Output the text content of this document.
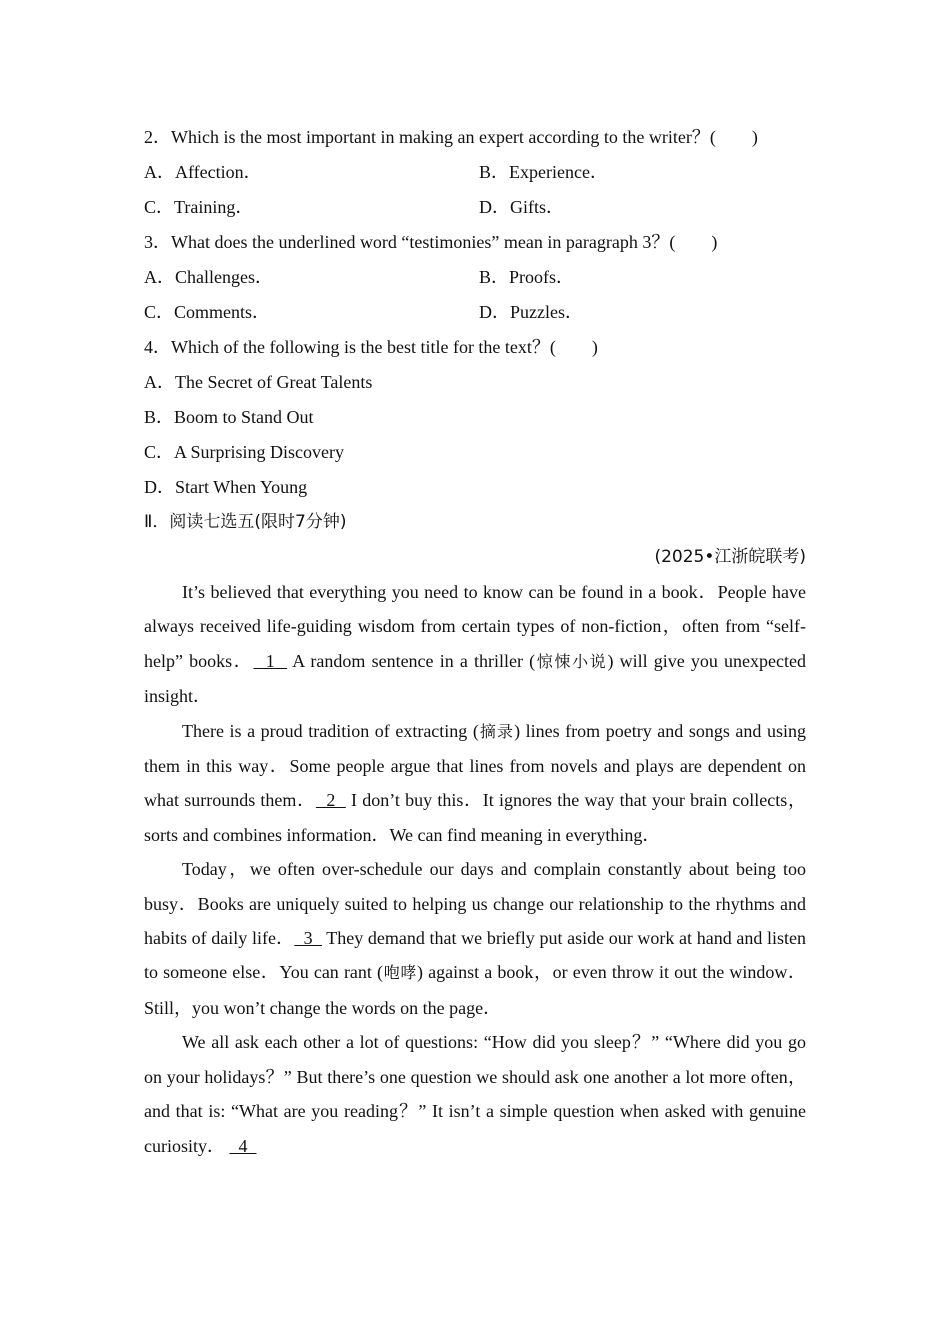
2．Which is the most important in making an expert according to the writer？( )
A．Affection．	B．Experience．
C．Training．	D．Gifts．
3．What does the underlined word “testimonies” mean in paragraph 3？( )
A．Challenges．	B．Proofs．
C．Comments．	D．Puzzles．
4．Which of the following is the best title for the text？( )
A．The Secret of Great Talents
B．Boom to Stand Out
C．A Surprising Discovery
D．Start When Young
Ⅱ．阅读七选五(限时7分钟)
(2025•江浙皖联考)

It’s believed that everything you need to know can be found in a book．People have always received life-guiding wisdom from certain types of non-fiction，often from “self-help” books．  1   A random sentence in a thriller (惊悚小说) will give you unexpected insight．

There is a proud tradition of extracting (摘录) lines from poetry and songs and using them in this way．Some people argue that lines from novels and plays are dependent on what surrounds them．  2   I don’t buy this．It ignores the way that your brain collects，sorts and combines information．We can find meaning in everything．

Today，we often over-schedule our days and complain constantly about being too busy．Books are uniquely suited to helping us change our relationship to the rhythms and habits of daily life．  3   They demand that we briefly put aside our work at hand and listen to someone else．You can rant (咆哮) against a book，or even throw it out the window．Still，you won’t change the words on the page．

We all ask each other a lot of questions: “How did you sleep？” “Where did you go on your holidays？” But there’s one question we should ask one another a lot more often，and that is: “What are you reading？” It isn’t a simple question when asked with genuine curiosity．   4
